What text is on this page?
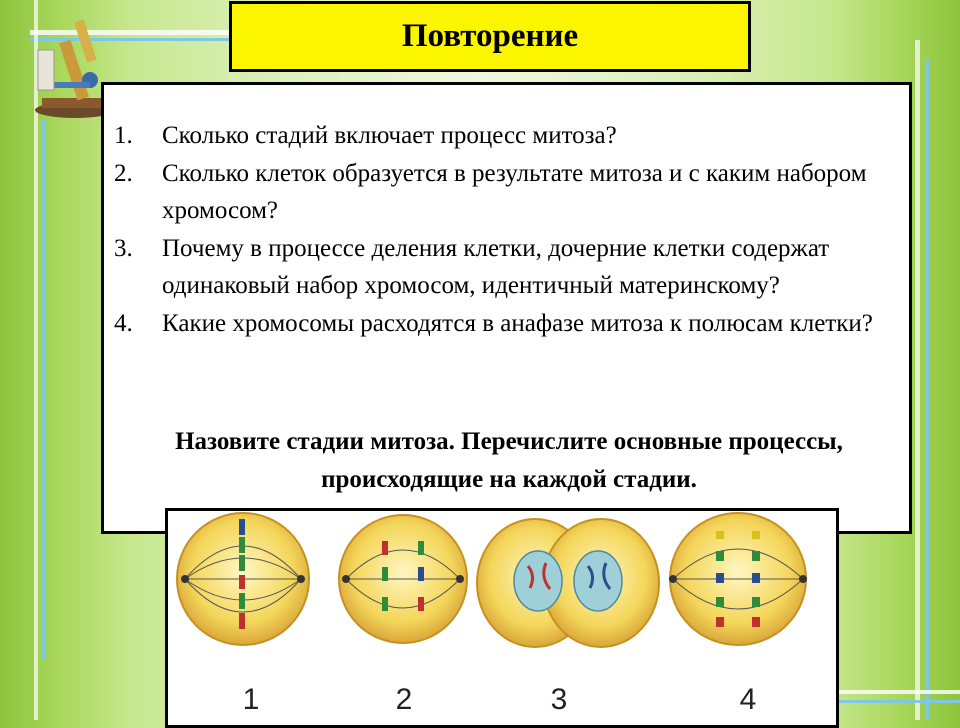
Повторение
1.	Сколько стадий включает процесс митоза?
2.	Сколько клеток образуется в результате митоза и с каким набором хромосом?
3.	Почему в процессе деления клетки, дочерние клетки содержат одинаковый набор хромосом, идентичный материнскому?
4.	Какие хромосомы расходятся в анафазе митоза к полюсам клетки?
Назовите стадии митоза. Перечислите основные процессы, происходящие на каждой стадии.
1	2	3	4
